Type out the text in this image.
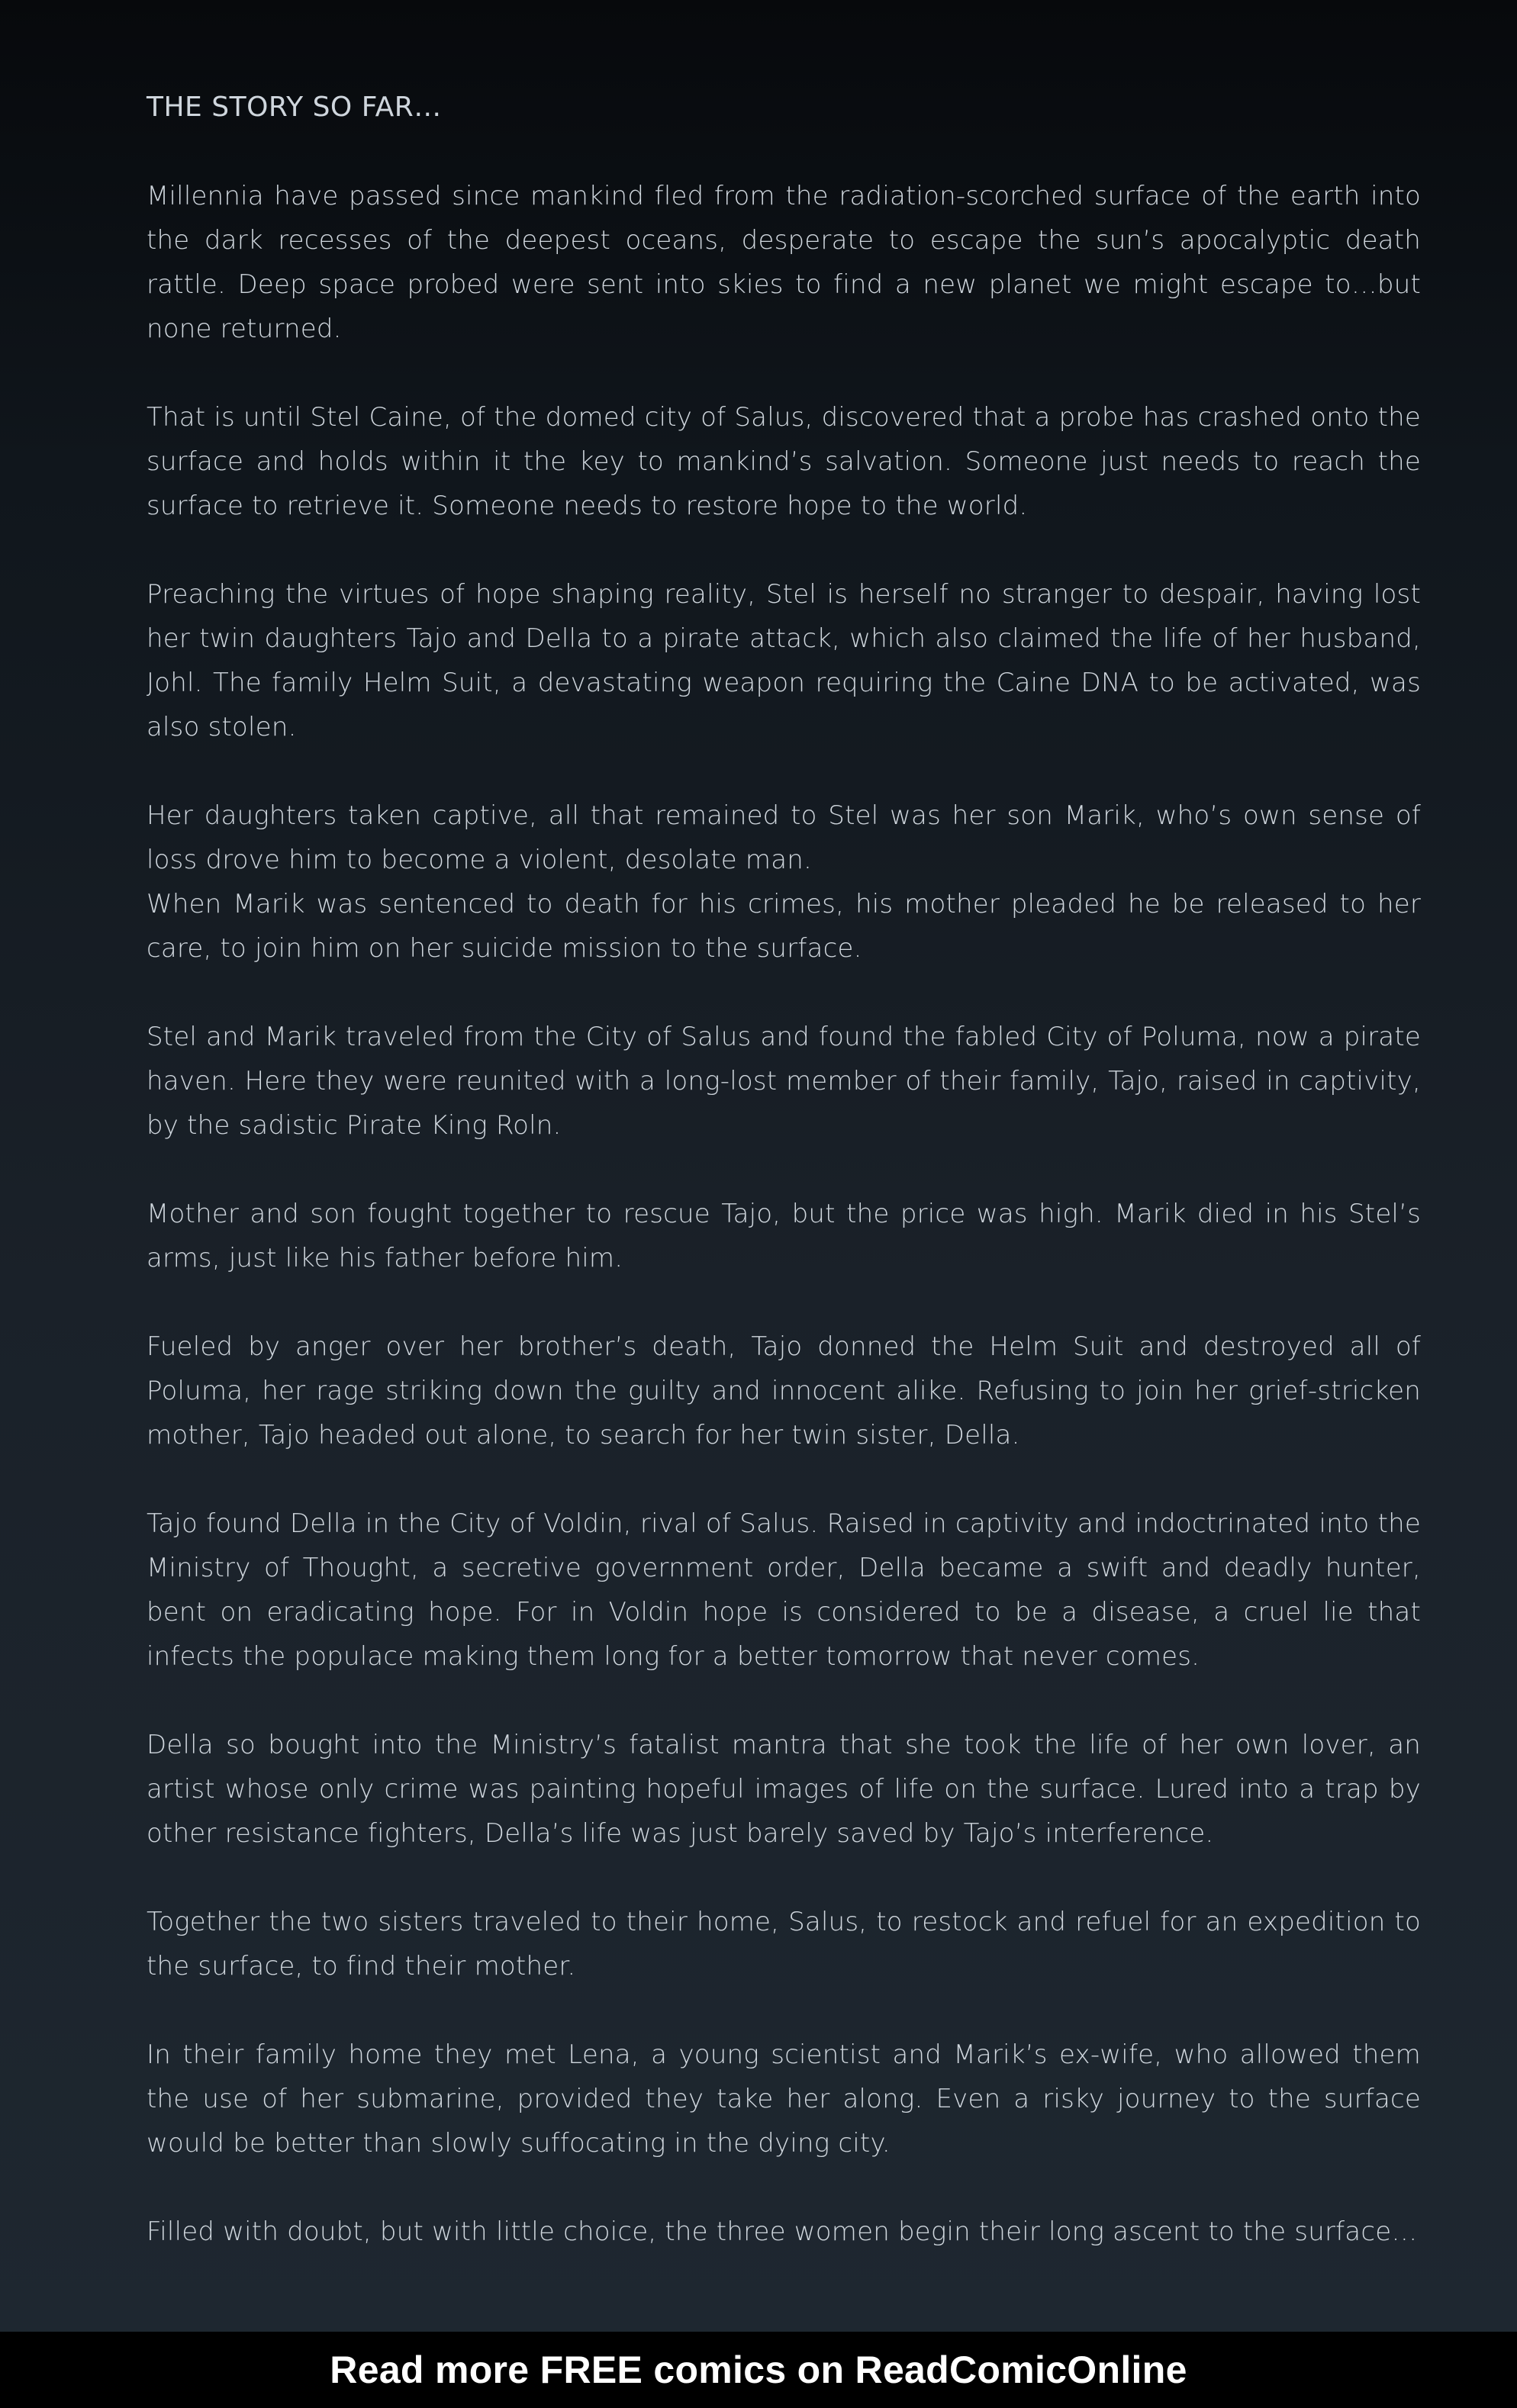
THE STORY SO FAR…

Millennia have passed since mankind fled from the radiation-scorched surface of the earth into the dark recesses of the deepest oceans, desperate to escape the sun’s apocalyptic death rattle. Deep space probed were sent into skies to find a new planet we might escape to…but none returned.

That is until Stel Caine, of the domed city of Salus, discovered that a probe has crashed onto the surface and holds within it the key to mankind’s salvation. Someone just needs to reach the surface to retrieve it. Someone needs to restore hope to the world.

Preaching the virtues of hope shaping reality, Stel is herself no stranger to despair, having lost her twin daughters Tajo and Della to a pirate attack, which also claimed the life of her husband, Johl. The family Helm Suit, a devastating weapon requiring the Caine DNA to be activated, was also stolen.

Her daughters taken captive, all that remained to Stel was her son Marik, who’s own sense of loss drove him to become a violent, desolate man.

When Marik was sentenced to death for his crimes, his mother pleaded he be released to her care, to join him on her suicide mission to the surface.

Stel and Marik traveled from the City of Salus and found the fabled City of Poluma, now a pirate haven. Here they were reunited with a long-lost member of their family, Tajo, raised in captivity, by the sadistic Pirate King Roln.

Mother and son fought together to rescue Tajo, but the price was high. Marik died in his Stel’s arms, just like his father before him.

Fueled by anger over her brother’s death, Tajo donned the Helm Suit and destroyed all of Poluma, her rage striking down the guilty and innocent alike. Refusing to join her grief-stricken mother, Tajo headed out alone, to search for her twin sister, Della.

Tajo found Della in the City of Voldin, rival of Salus. Raised in captivity and indoctrinated into the Ministry of Thought, a secretive government order, Della became a swift and deadly hunter, bent on eradicating hope. For in Voldin hope is considered to be a disease, a cruel lie that infects the populace making them long for a better tomorrow that never comes.

Della so bought into the Ministry’s fatalist mantra that she took the life of her own lover, an artist whose only crime was painting hopeful images of life on the surface. Lured into a trap by other resistance fighters, Della’s life was just barely saved by Tajo’s interference.

Together the two sisters traveled to their home, Salus, to restock and refuel for an expedition to the surface, to find their mother.

In their family home they met Lena, a young scientist and Marik’s ex-wife, who allowed them the use of her submarine, provided they take her along. Even a risky journey to the surface would be better than slowly suffocating in the dying city.

Filled with doubt, but with little choice, the three women begin their long ascent to the surface…

Read more FREE comics on ReadComicOnline
